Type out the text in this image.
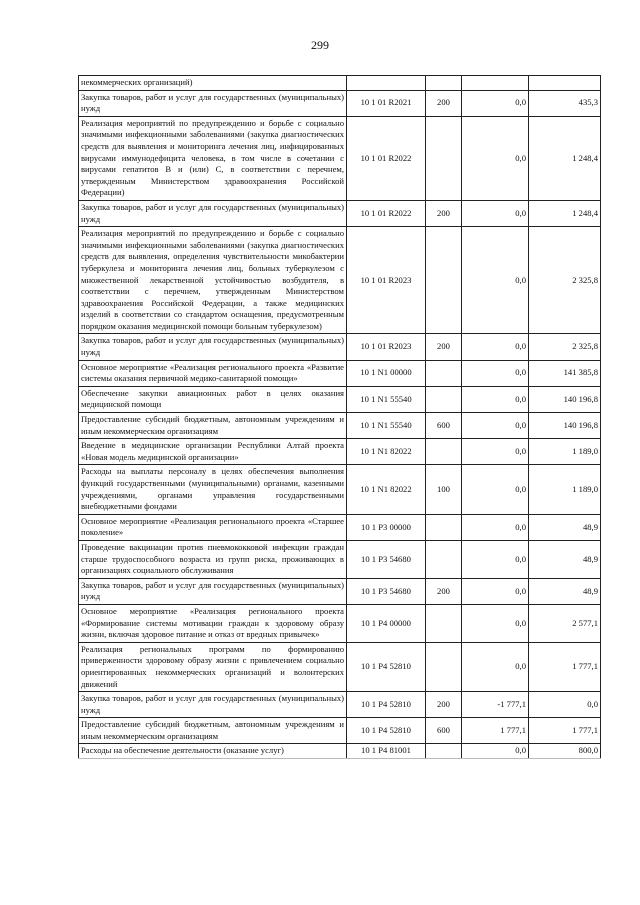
299
некоммерческих организаций)				
Закупка товаров, работ и услуг для государственных (муниципальных) нужд	10 1 01 R2021	200	0,0	435,3
Реализация мероприятий по предупреждению и борьбе с социально значимыми инфекционными заболеваниями (закупка диагностических средств для выявления и мониторинга лечения лиц, инфицированных вирусами иммунодефицита человека, в том числе в сочетании с вирусами гепатитов B и (или) C, в соответствии с перечнем, утвержденным Министерством здравоохранения Российской Федерации)	10 1 01 R2022		0,0	1 248,4
Закупка товаров, работ и услуг для государственных (муниципальных) нужд	10 1 01 R2022	200	0,0	1 248,4
Реализация мероприятий по предупреждению и борьбе с социально значимыми инфекционными заболеваниями (закупка диагностических средств для выявления, определения чувствительности микобактерии туберкулеза и мониторинга лечения лиц, больных туберкулезом с множественной лекарственной устойчивостью возбудителя, в соответствии с перечнем, утвержденным Министерством здравоохранения Российской Федерации, а также медицинских изделий в соответствии со стандартом оснащения, предусмотренным порядком оказания медицинской помощи больным туберкулезом)	10 1 01 R2023		0,0	2 325,8
Закупка товаров, работ и услуг для государственных (муниципальных) нужд	10 1 01 R2023	200	0,0	2 325,8
Основное мероприятие «Реализация регионального проекта «Развитие системы оказания первичной медико-санитарной помощи»	10 1 N1 00000		0,0	141 385,8
Обеспечение закупки авиационных работ в целях оказания медицинской помощи	10 1 N1 55540		0,0	140 196,8
Предоставление субсидий бюджетным, автономным учреждениям и иным некоммерческим организациям	10 1 N1 55540	600	0,0	140 196,8
Введение в медицинские организации Республики Алтай проекта «Новая модель медицинской организации»	10 1 N1 82022		0,0	1 189,0
Расходы на выплаты персоналу в целях обеспечения выполнения функций государственными (муниципальными) органами, казенными учреждениями, органами управления государственными внебюджетными фондами	10 1 N1 82022	100	0,0	1 189,0
Основное мероприятие «Реализация регионального проекта «Старшее поколение»	10 1 P3 00000		0,0	48,9
Проведение вакцинации против пневмококковой инфекции граждан старше трудоспособного возраста из групп риска, проживающих в организациях социального обслуживания	10 1 P3 54680		0,0	48,9
Закупка товаров, работ и услуг для государственных (муниципальных) нужд	10 1 P3 54680	200	0,0	48,9
Основное мероприятие «Реализация регионального проекта «Формирование системы мотивации граждан к здоровому образу жизни, включая здоровое питание и отказ от вредных привычек»	10 1 P4 00000		0,0	2 577,1
Реализация региональных программ по формированию приверженности здоровому образу жизни с привлечением социально ориентированных некоммерческих организаций и волонтерских движений	10 1 P4 52810		0,0	1 777,1
Закупка товаров, работ и услуг для государственных (муниципальных) нужд	10 1 P4 52810	200	-1 777,1	0,0
Предоставление субсидий бюджетным, автономным учреждениям и иным некоммерческим организациям	10 1 P4 52810	600	1 777,1	1 777,1
Расходы на обеспечение деятельности (оказание услуг)	10 1 P4 81001		0,0	800,0
